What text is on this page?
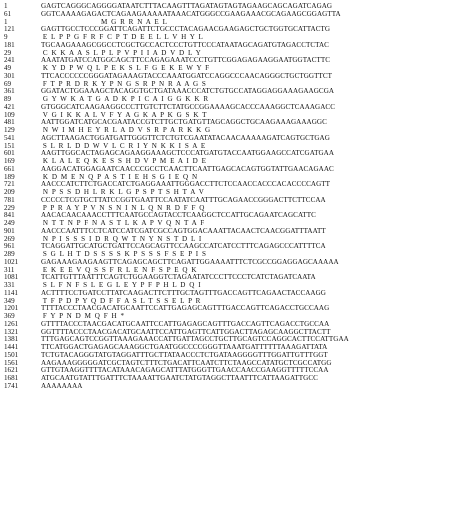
1	GAGTCAGGGCAGGGGATAATCTTTACAAGTTTAGATAGTAGTAGAAGCAGCAGATCAGAG
61	GGTCAAAAGAGACTCAGAAGAAAAATAAACATGGGCCGAAGAAACGCAGAAGCGGAGTTA
1	M  G  R  R  N  A  E  L
121	GAGTTGCCTCCCGGATTCAGATTCTGCCCTACAGAACGAAGAGCTGCTGGTGCATTACTG
9	E  L  P  P  G  F  R  F  C  P  T  D  E  E  L  L  V  H  Y  L
181	TGCAAGAAAGCGGCCTCGCTGCCACTCCCTGTTCCCATAATAGCAGATGTAGACCTCTAC
29	C  K  K  A  A  S  L  P  L  P  V  P  I  I  A  D  V  D  L  Y
241	AAATATGATCCATGGCAGCTTCCAGAGAAATCCCTGTTCGGAGAGAAGGAATGGTACTTC
49	K  Y  D  P  W  Q  L  P  E  K  S  L  F  G  E  K  E  W  Y  F
301	TTCACCCCCCGGGATAGAAAGTACCCAAATGGATCCAGGCCCAACAGGGCTGCTGGTTCT
69	F  T  P  R  D  R  K  Y  P  N  G  S  R  P  N  R  A  A  G  S
361	GGATACTGGAAAGCTACAGGTGCTGATAAACCCATCTGTGCCATAGGAGGAAAGAAGCGA
89	G  Y  W  K  A  T  G  A  D  K  P  I  C  A  I  G  G  K  K  R
421	GTGGGCATCAAGAAGGCCCTTGTCTTCTATGCCGGAAAAGCACCCAAAGGCTCAAAGACC
109	V  G  I  K  K  A  L  V  F  Y  A  G  K  A  P  K  G  S  K  T
481	AATTGGATCATGCACGAATACCGTCTTGCTGATGTTAGCAGGCTGCAAGAAAGAAAGGC
129	N  W  I  M  H  E  Y  R  L  A  D  V  S  R  P  A  R  K  K  G
541	AGCTTAAGACTGGATGATTGGGTTCTCTGTCGAATATACAACAAAAAGATCAGTGCTGAG
151	S  L  R  L  D  D  W  V  L  C  R  I  Y  N  K  K  I  S  A  E
601	AAGTTGGCACTAGAGCAGAAGGAAAGCTCCCATGATGTACCAATGGAAGCCATCGATGAA
169	K  L  A  L  E  Q  K  E  S  S  H  D  V  P  M  E  A  I  D  E
661	AAGGACATGGAGAATCAACCCGCCTCAACTTCAATTGAGCACAGTGGTATTGAACAGAAC
189	K  D  M  E  N  Q  P  A  S  T  I  E  H  S  G  I  E  Q  N
721	AACCCATCTTCTGACCATCTGAGGAAATTGGGACCTTCTCCAACCACCCACACCCCAGTT
209	N  P  S  S  D  H  L  R  K  L  G  P  S  P  T  S  H  T  A  V
781	CCCCCTCGTGCTTATCCGGTGAATTCCAATATCAATTTGCAGAACCGGGACTTCTTCCAA
229	P  P  R  A  Y  P  V  N  S  N  I  N  L  Q  N  R  D  F  F  Q
841	AACACAACAAACCTTTCAATGCCAGTACCTCAAGGCTCCATTGCAGAATCAGCATTC
249	N  T  T  N  P  F  N  A  S  T  L  K  A  P  V  Q  N  T  A  F
901	AACCCAATTTCCTCATCCATCGATCGCCAGTGGACAAATTACAACTCAACGGATTTAATT
269	N  P  I  S  S  S  I  D  R  Q  W  T  N  Y  N  S  T  D  L  I
961	TCAGGATTGCATGCTGATTCCAGCAGTTCCAAGCCATCATCCTTTCAGAGCCCATTTTCA
289	S  G  L  H  T  D  S  S  S  S  K  P  S  S  S  F  S  E  P  I  S
1021	GAGAAAGAAGAAGTTCAGAGCAGCTTCAGATTGGAAAATTTCTCGCCGGAGGAGCAAAAA
311	E  K  E  E  V  Q  S  S  F  R  L  E  N  F  S  P  E  Q  K
1081	TCATTGTTTAATTTCAGTCTGGAAGGTCTAGAATATCCCTTCCCTCATCTAGATCAATA
331	S  L  F  N  F  S  L  E  G  L  E  Y  P  F  P  H  L  D  Q  I
1141	ACTTTTCCTGATCCTTATCAAGACTTCTTTGCTAGTTTGACCAGTTCAGAACTACCAAGG
349	T  F  P  D  P  Y  Q  D  F  F  A  S  L  T  S  S  E  L  P  R
1201	TTTTACCCTAACGACATGCAATTCCATTGAGAGCAGTTTGACCAGTTCAGACCTGCCAAG
369	F  Y  P  N  D  M  Q  F  H  *
1261	GTTTTACCCTAACGACATGCAATTCCATTGAGAGCAGTTTGACCAGTTCAGACCTGCCAA
1321	GGTTTTACCCTAACGACATGCAATTCCATTGAGTTCATTGGACTTAGAGCAAGGCTTACTT
1381	TTTGAGCAGTCCGGTTAAAGAAACCATTGATTAGCCTGCTTGCAGTCCAGGCACTTCCATTGAA
1441	TTCATGGACTGAGAGCAAAGGCTGAATGGCCCCGGGTTAAATGATTTTTTAAAGATTATA
1501	TCTGTACAGGGTATGTAGGATTTGCTTATAACCCTCTGATAAGGGGTTTGGATTGTTTGGT
1561	AAGAAAGGGGGATCGCTAGTCTTTCTGACATTCAATCTTCTAAGCCATATGCTCGCCATGG
1621	GTTGTAAGGTTTTACATAAACAGAGCATTTATGGGTTGAACCAACCGAAGGTTTTTCCAA
1681	ATGCAATGTATTTGATTTCTAAAATTGAATCTATGTAGGCTTAATTTCATTAAGATTGCC
1741	AAAAAAAA
